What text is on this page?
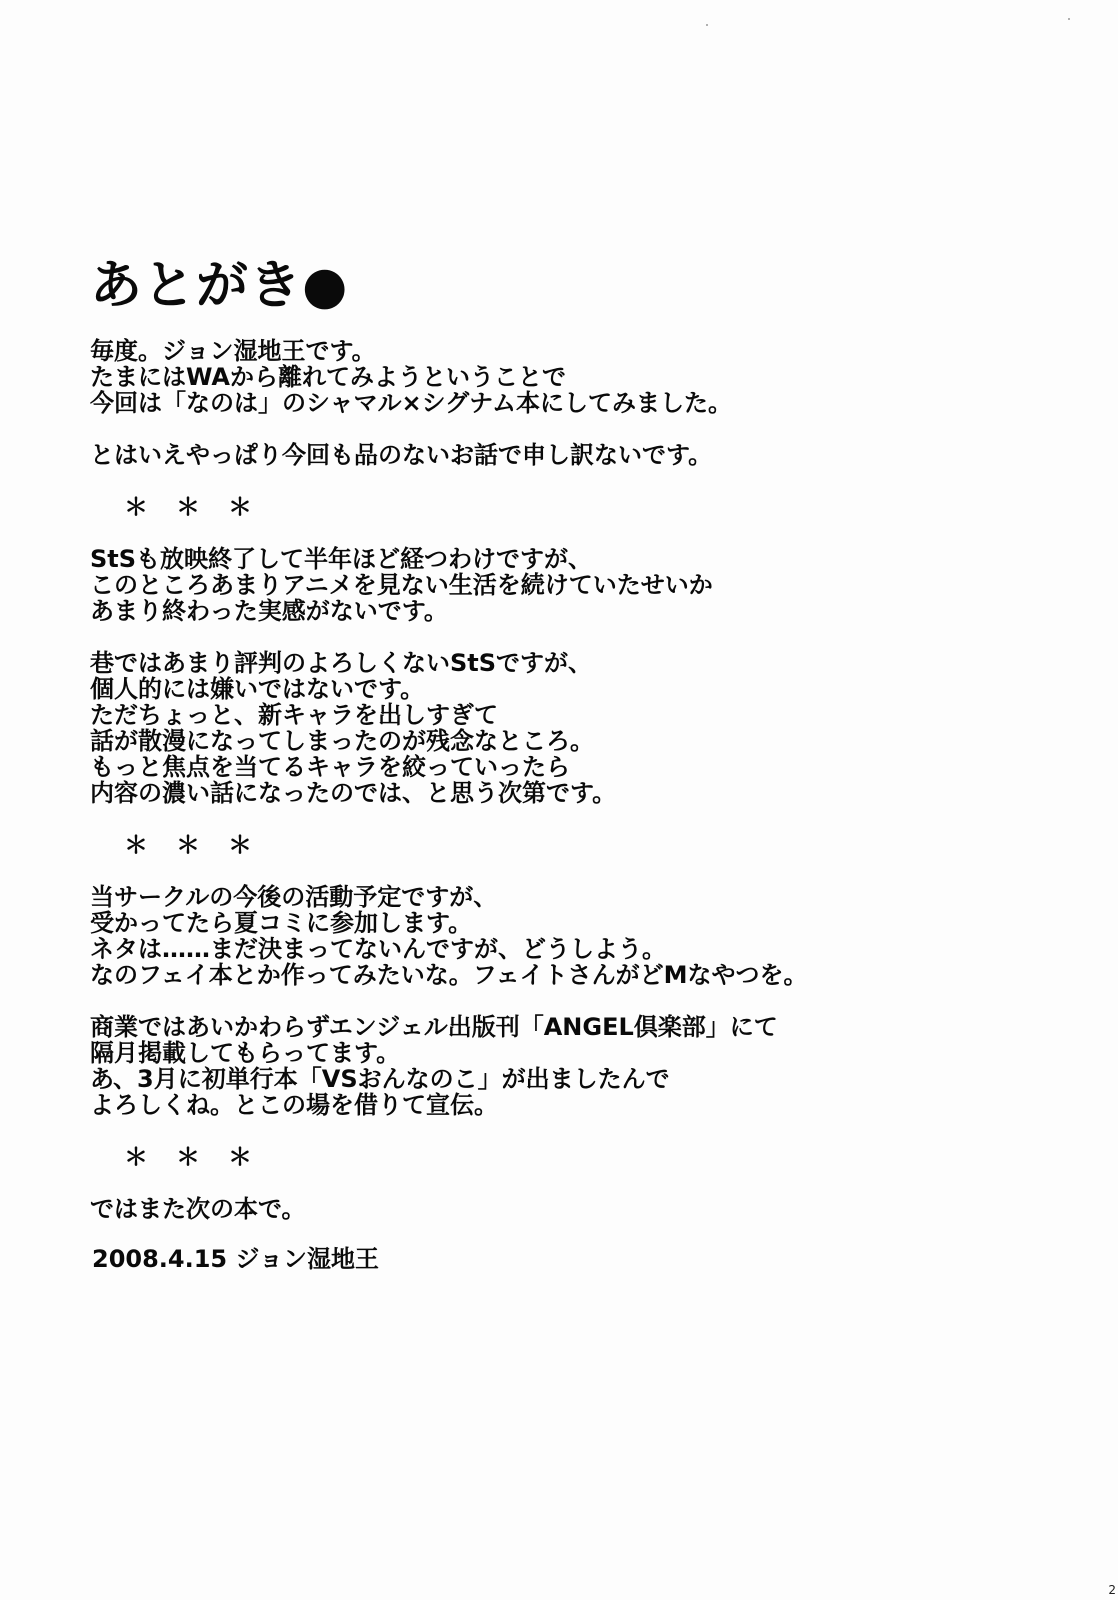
あとがき●
毎度。ジョン湿地王です。
たまにはWAから離れてみようということで
今回は「なのは」のシャマル×シグナム本にしてみました。
とはいえやっぱり今回も品のないお話で申し訳ないです。
＊＊＊
StSも放映終了して半年ほど経つわけですが、
このところあまりアニメを見ない生活を続けていたせいか
あまり終わった実感がないです。
巷ではあまり評判のよろしくないStSですが、
個人的には嫌いではないです。
ただちょっと、新キャラを出しすぎて
話が散漫になってしまったのが残念なところ。
もっと焦点を当てるキャラを絞っていったら
内容の濃い話になったのでは、と思う次第です。
＊＊＊
当サークルの今後の活動予定ですが、
受かってたら夏コミに参加します。
ネタは……まだ決まってないんですが、どうしよう。
なのフェイ本とか作ってみたいな。フェイトさんがどMなやつを。
商業ではあいかわらずエンジェル出版刊「ANGEL倶楽部」にて
隔月掲載してもらってます。
あ、3月に初単行本「VSおんなのこ」が出ましたんで
よろしくね。とこの場を借りて宣伝。
＊＊＊
ではまた次の本で。
2008.4.15 ジョン湿地王
2
